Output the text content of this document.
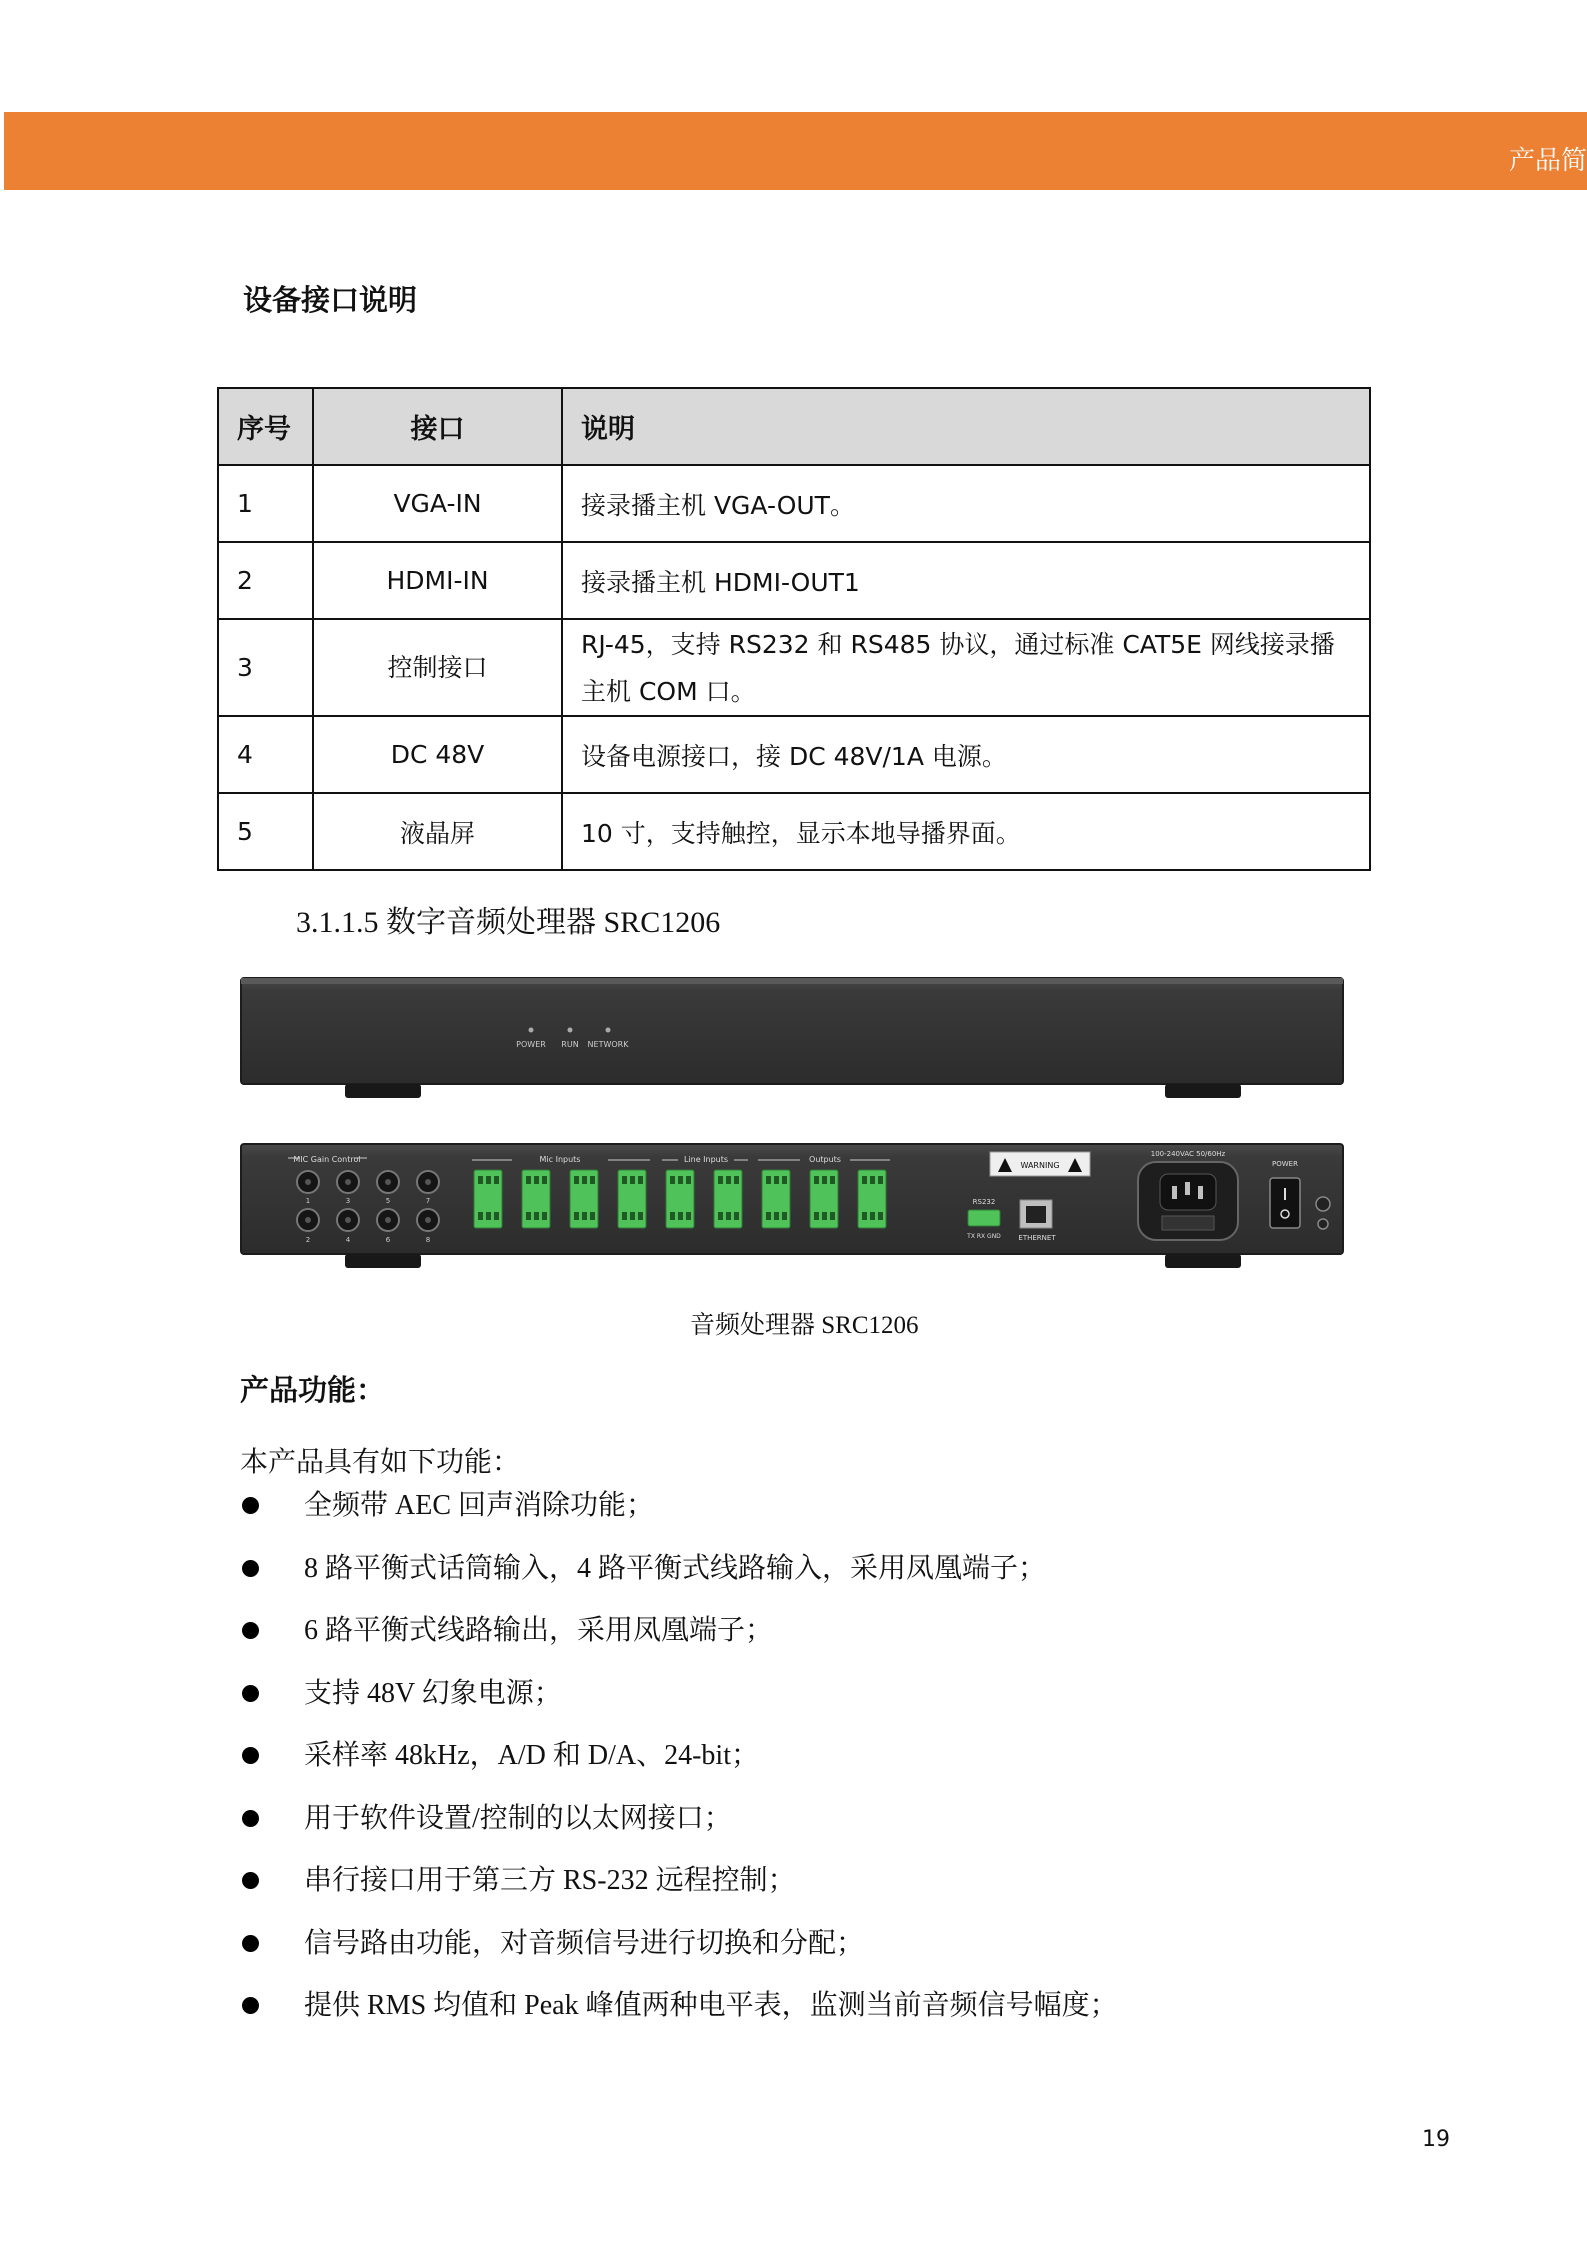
产品简
设备接口说明
序号	接口	说明
1	VGA-IN	接录播主机 VGA-OUT。
2	HDMI-IN	接录播主机 HDMI-OUT1
3	控制接口	RJ-45，支持 RS232 和 RS485 协议，通过标准 CAT5E 网线接录播主机 COM 口。
4	DC 48V	设备电源接口，接 DC 48V/1A 电源。
5	液晶屏	10 寸，支持触控，显示本地导播界面。
3.1.1.5 数字音频处理器 SRC1206
POWER RUN NETWORK
MIC Gain Control
1	3	5	7
2	4	6	8
Mic Inputs	Line Inputs	Outputs
RS232
TX RX GND	ETHERNET
WARNING
100-240VAC 50/60Hz
POWER
音频处理器 SRC1206
产品功能：
本产品具有如下功能：
全频带 AEC 回声消除功能；
8 路平衡式话筒输入，4 路平衡式线路输入，采用凤凰端子；
6 路平衡式线路输出，采用凤凰端子；
支持 48V 幻象电源；
采样率 48kHz，A/D 和 D/A、24-bit；
用于软件设置/控制的以太网接口；
串行接口用于第三方 RS-232 远程控制；
信号路由功能，对音频信号进行切换和分配；
提供 RMS 均值和 Peak 峰值两种电平表，监测当前音频信号幅度；
19
